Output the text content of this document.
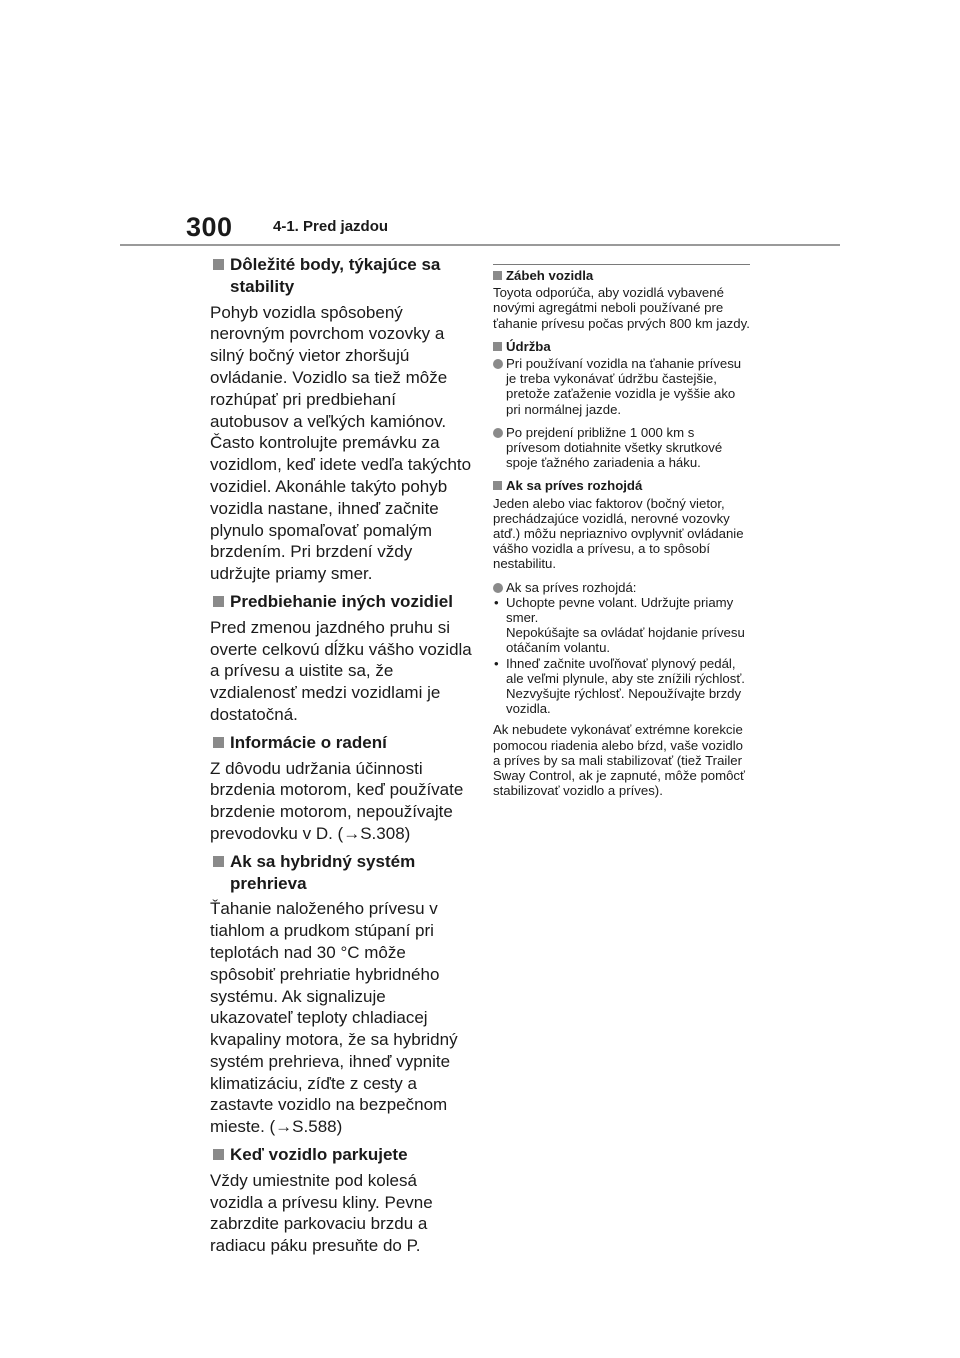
300	4-1. Pred jazdou
Dôležité body, týkajúce sa stability

Pohyb vozidla spôsobený nerovným povrchom vozovky a silný bočný vietor zhoršujú ovládanie. Vozidlo sa tiež môže rozhúpať pri predbiehaní autobusov a veľkých kamiónov. Často kontrolujte premávku za vozidlom, keď idete vedľa takýchto vozidiel. Akonáhle takýto pohyb vozidla nastane, ihneď začnite plynulo spomaľovať pomalým brzdením. Pri brzdení vždy udržujte priamy smer.

Predbiehanie iných vozidiel

Pred zmenou jazdného pruhu si overte celkovú dĺžku vášho vozidla a prívesu a uistite sa, že vzdialenosť medzi vozidlami je dostatočná.

Informácie o radení

Z dôvodu udržania účinnosti brzdenia motorom, keď používate brzdenie motorom, nepoužívajte prevodovku v D. (→S.308)

Ak sa hybridný systém prehrieva

Ťahanie naloženého prívesu v tiahlom a prudkom stúpaní pri teplotách nad 30 °C môže spôsobiť prehriatie hybridného systému. Ak signalizuje ukazovateľ teploty chladiacej kvapaliny motora, že sa hybridný systém prehrieva, ihneď vypnite klimatizáciu, zíďte z cesty a zastavte vozidlo na bezpečnom mieste. (→S.588)

Keď vozidlo parkujete

Vždy umiestnite pod kolesá vozidla a prívesu kliny. Pevne zabrzdite parkovaciu brzdu a radiacu páku presuňte do P.

Zábeh vozidla

Toyota odporúča, aby vozidlá vybavené novými agregátmi neboli používané pre ťahanie prívesu počas prvých 800 km jazdy.

Údržba
Pri používaní vozidla na ťahanie prívesu je treba vykonávať údržbu častejšie, pretože zaťaženie vozidla je vyššie ako pri normálnej jazde.
Po prejdení približne 1 000 km s prívesom dotiahnite všetky skrutkové spoje ťažného zariadenia a háku.
Ak sa príves rozhojdá

Jeden alebo viac faktorov (bočný vietor, prechádzajúce vozidlá, nerovné vozovky atď.) môžu nepriaznivo ovplyvniť ovládanie vášho vozidla a prívesu, a to spôsobí nestabilitu.

Ak sa príves rozhojdá:
• Uchopte pevne volant. Udržujte priamy smer.
Nepokúšajte sa ovládať hojdanie prívesu otáčaním volantu.
• Ihneď začnite uvoľňovať plynový pedál, ale veľmi plynule, aby ste znížili rýchlosť.
Nezvyšujte rýchlosť. Nepoužívajte brzdy vozidla.

Ak nebudete vykonávať extrémne korekcie pomocou riadenia alebo bŕzd, vaše vozidlo a príves by sa mali stabilizovať (tiež Trailer Sway Control, ak je zapnuté, môže pomôcť stabilizovať vozidlo a príves).
